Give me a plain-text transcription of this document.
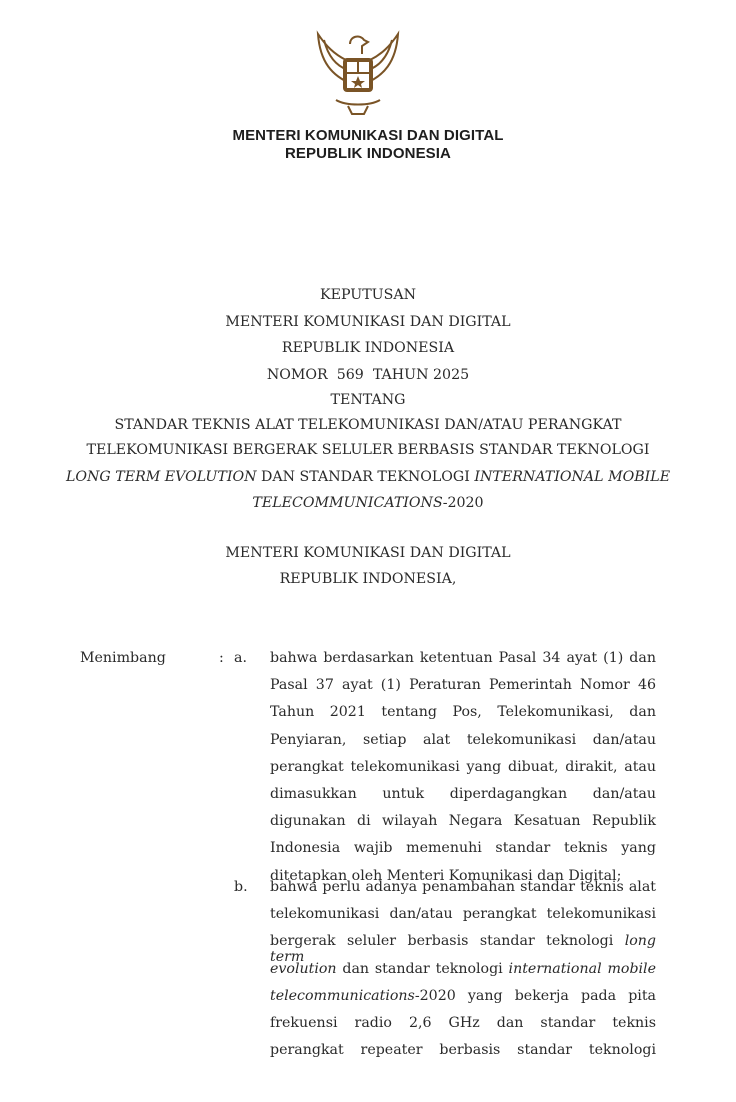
MENTERI KOMUNIKASI DAN DIGITAL
REPUBLIK INDONESIA
KEPUTUSAN
MENTERI KOMUNIKASI DAN DIGITAL
REPUBLIK INDONESIA
NOMOR  569  TAHUN 2025
TENTANG
STANDAR TEKNIS ALAT TELEKOMUNIKASI DAN/ATAU PERANGKAT
TELEKOMUNIKASI BERGERAK SELULER BERBASIS STANDAR TEKNOLOGI
LONG TERM EVOLUTION DAN STANDAR TEKNOLOGI INTERNATIONAL MOBILE
TELECOMMUNICATIONS-2020
MENTERI KOMUNIKASI DAN DIGITAL
REPUBLIK INDONESIA,
Menimbang	: a.
b.
bahwa berdasarkan ketentuan Pasal 34 ayat (1) dan
Pasal 37 ayat (1) Peraturan Pemerintah Nomor 46
Tahun 2021 tentang Pos, Telekomunikasi, dan
Penyiaran, setiap alat telekomunikasi dan/atau
perangkat telekomunikasi yang dibuat, dirakit, atau
dimasukkan untuk diperdagangkan dan/atau
digunakan di wilayah Negara Kesatuan Republik
Indonesia wajib memenuhi standar teknis yang
ditetapkan oleh Menteri Komunikasi dan Digital;
bahwa perlu adanya penambahan standar teknis alat
telekomunikasi dan/atau perangkat telekomunikasi
bergerak seluler berbasis standar teknologi long term
evolution dan standar teknologi international mobile
telecommunications-2020 yang bekerja pada pita
frekuensi radio 2,6 GHz dan standar teknis
perangkat repeater berbasis standar teknologi
